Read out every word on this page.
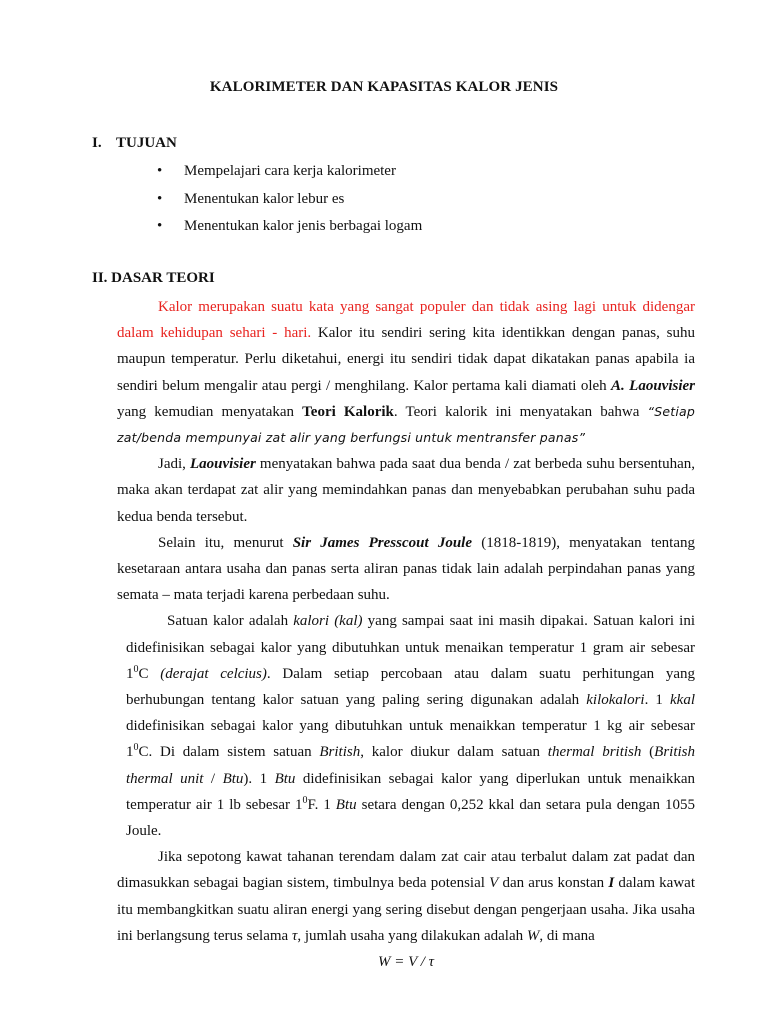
KALORIMETER DAN KAPASITAS KALOR JENIS
I. TUJUAN
• Mempelajari cara kerja kalorimeter
• Menentukan kalor lebur es
• Menentukan kalor jenis berbagai logam
II. DASAR TEORI

Kalor merupakan suatu kata yang sangat populer dan tidak asing lagi untuk didengar dalam kehidupan sehari - hari. Kalor itu sendiri sering kita identikkan dengan panas, suhu maupun temperatur. Perlu diketahui, energi itu sendiri tidak dapat dikatakan panas apabila ia sendiri belum mengalir atau pergi / menghilang. Kalor pertama kali diamati oleh A. Laouvisier yang kemudian menyatakan Teori Kalorik. Teori kalorik ini menyatakan bahwa “Setiap zat/benda mempunyai zat alir yang berfungsi untuk mentransfer panas”

Jadi, Laouvisier menyatakan bahwa pada saat dua benda / zat berbeda suhu bersentuhan, maka akan terdapat zat alir yang memindahkan panas dan menyebabkan perubahan suhu pada kedua benda tersebut.

Selain itu, menurut Sir James Presscout Joule (1818-1819), menyatakan tentang kesetaraan antara usaha dan panas serta aliran panas tidak lain adalah perpindahan panas yang semata – mata terjadi karena perbedaan suhu.

Satuan kalor adalah kalori (kal) yang sampai saat ini masih dipakai. Satuan kalori ini didefinisikan sebagai kalor yang dibutuhkan untuk menaikan temperatur 1 gram air sebesar $1^0C$ (derajat celcius). Dalam setiap percobaan atau dalam suatu perhitungan yang berhubungan tentang kalor satuan yang paling sering digunakan adalah kilokalori. 1 kkal didefinisikan sebagai kalor yang dibutuhkan untuk menaikkan temperatur 1 kg air sebesar $1^0C$. Di dalam sistem satuan British, kalor diukur dalam satuan thermal british (British thermal unit / Btu). 1 Btu didefinisikan sebagai kalor yang diperlukan untuk menaikkan temperatur air 1 lb sebesar $1^0F$. 1 Btu setara dengan 0,252 kkal dan setara pula dengan 1055 Joule.

Jika sepotong kawat tahanan terendam dalam zat cair atau terbalut dalam zat padat dan dimasukkan sebagai bagian sistem, timbulnya beda potensial V dan arus konstan I dalam kawat itu membangkitkan suatu aliran energi yang sering disebut dengan pengerjaan usaha. Jika usaha ini berlangsung terus selama τ, jumlah usaha yang dilakukan adalah W, di mana

W = V / τ
